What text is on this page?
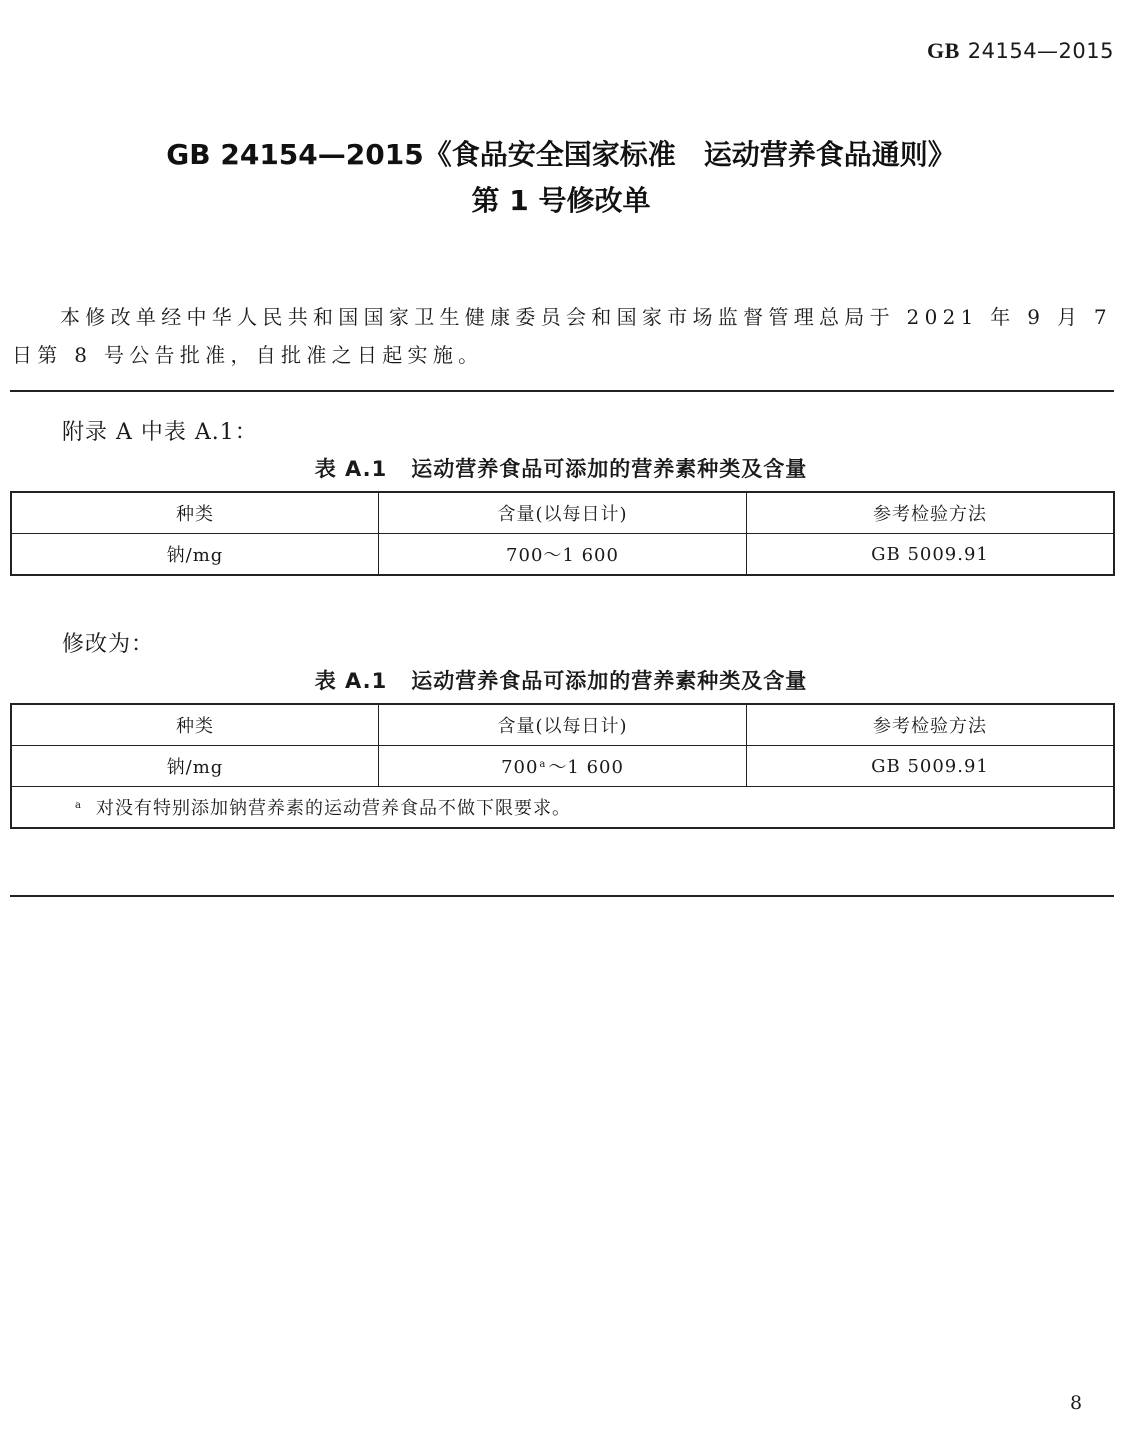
GB 24154—2015
GB 24154—2015《食品安全国家标准　运动营养食品通则》
第 1 号修改单
本修改单经中华人民共和国国家卫生健康委员会和国家市场监督管理总局于 2021 年 9 月 7 日第 8 号公告批准，自批准之日起实施。
附录 A 中表 A.1：
表 A.1 运动营养食品可添加的营养素种类及含量
种类	含量(以每日计)	参考检验方法
钠/mg	700～1 600	GB 5009.91
修改为：
表 A.1 运动营养食品可添加的营养素种类及含量
种类	含量(以每日计)	参考检验方法
钠/mg	700$^a$ ～1 600	GB 5009.91
$^a$ 对没有特别添加钠营养素的运动营养食品不做下限要求。		
8
